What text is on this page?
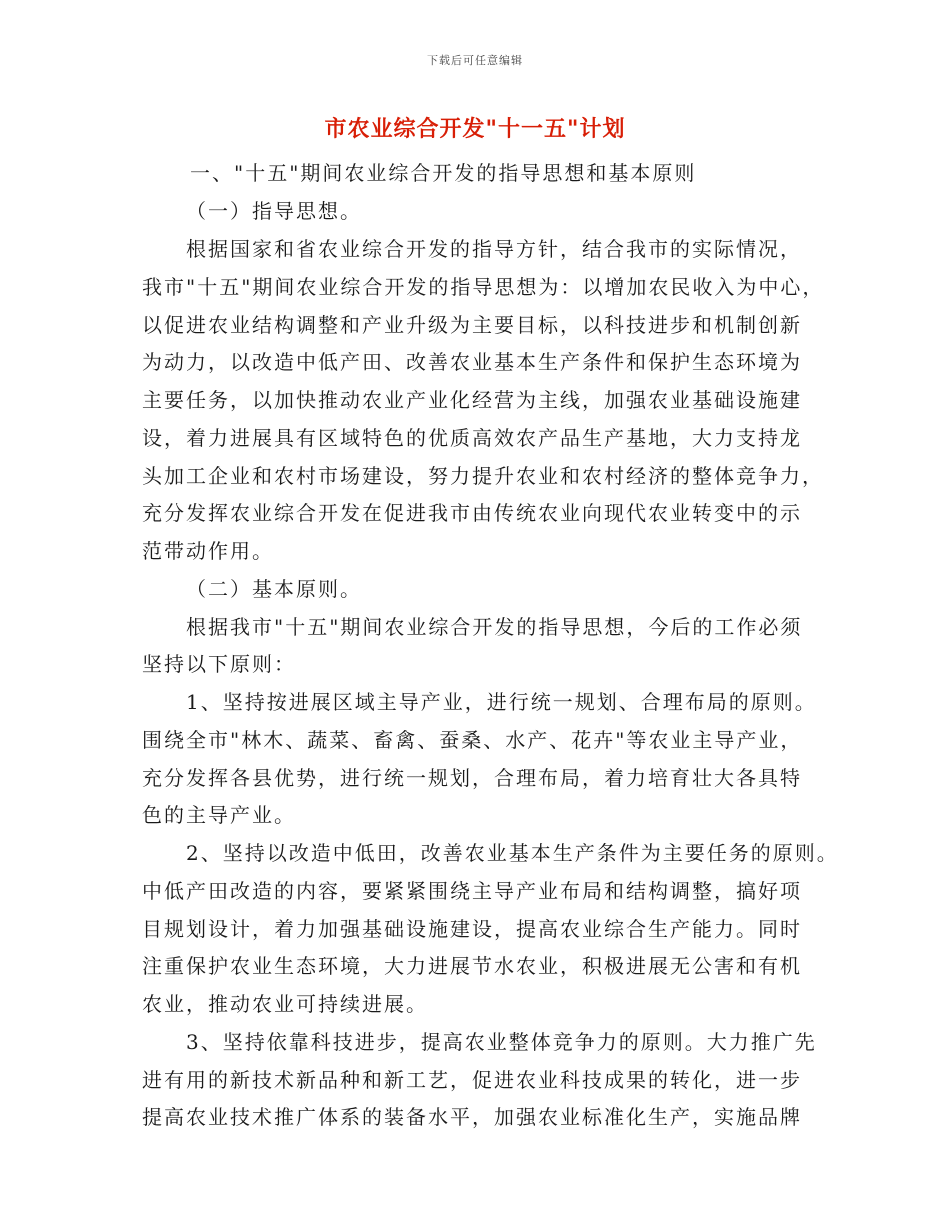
下载后可任意编辑
市农业综合开发"十一五"计划
一、"十五"期间农业综合开发的指导思想和基本原则
（一）指导思想。
根据国家和省农业综合开发的指导方针，结合我市的实际情况，
我市"十五"期间农业综合开发的指导思想为：以增加农民收入为中心，
以促进农业结构调整和产业升级为主要目标，以科技进步和机制创新
为动力，以改造中低产田、改善农业基本生产条件和保护生态环境为
主要任务，以加快推动农业产业化经营为主线，加强农业基础设施建
设，着力进展具有区域特色的优质高效农产品生产基地，大力支持龙
头加工企业和农村市场建设，努力提升农业和农村经济的整体竞争力，
充分发挥农业综合开发在促进我市由传统农业向现代农业转变中的示
范带动作用。
（二）基本原则。
根据我市"十五"期间农业综合开发的指导思想，今后的工作必须
坚持以下原则：
1、坚持按进展区域主导产业，进行统一规划、合理布局的原则。
围绕全市"林木、蔬菜、畜禽、蚕桑、水产、花卉"等农业主导产业，
充分发挥各县优势，进行统一规划，合理布局，着力培育壮大各具特
色的主导产业。
2、坚持以改造中低田，改善农业基本生产条件为主要任务的原则。
中低产田改造的内容，要紧紧围绕主导产业布局和结构调整，搞好项
目规划设计，着力加强基础设施建设，提高农业综合生产能力。同时
注重保护农业生态环境，大力进展节水农业，积极进展无公害和有机
农业，推动农业可持续进展。
3、坚持依靠科技进步，提高农业整体竞争力的原则。大力推广先
进有用的新技术新品种和新工艺，促进农业科技成果的转化，进一步
提高农业技术推广体系的装备水平，加强农业标准化生产，实施品牌
